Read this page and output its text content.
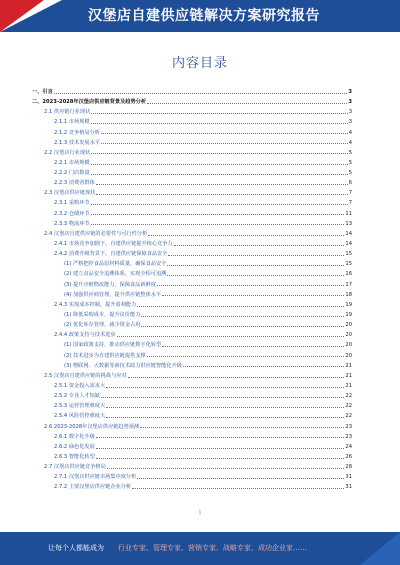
汉堡店自建供应链解决方案研究报告
内容目录
一、引言	3
二、2023-2028年汉堡店供应链背景及趋势分析	3
2.1 供应链行业现状	3
2.1.1 市场规模	3
2.1.2 竞争格局分析	4
2.1.3 技术发展水平	4
2.2 汉堡店行业现状	5
2.2.1 市场规模	5
2.2.2 门店数量	5
2.2.3 消费者群体	6
2.3 汉堡店供应链现状	7
2.3.1 采购环节	7
2.3.2 仓储环节	11
2.3.3 物流环节	13
2.4 汉堡店自建供应链的必要性与可行性分析	14
2.4.1 市场竞争加剧下，自建供应链提升核心竞争力	14
2.4.2 消费升级背景下，自建供应链保障食品安全	15
(1) 严格把控食品原材料质量，确保食品安全	15
(2) 建立食品安全追溯体系，实现全程可追溯	16
(3) 提升冷链物流能力，保障食品新鲜度	17
(4) 加强供应商管理，提升供应链整体水平	18
2.4.3 实现成本控制，提升盈利能力	19
(1) 降低采购成本，提升议价能力	19
(2) 优化库存管理，减少资金占用	20
2.4.4 政策支持与技术进步	20
(1) 国家政策支持，推动供应链数字化转型	20
(2) 技术进步为自建供应链提供支撑	20
(3) 物联网、大数据等新技术助力供应链智能化升级	21
2.5 汉堡店自建供应链的挑战与应对	21
2.5.1 资金投入需求大	21
2.5.2 专业人才短缺	22
2.5.3 运营管理难度大	22
2.5.4 风险管控难度大	22
2.6 2023-2028年汉堡店供应链趋势预测	23
2.6.1 数字化升级	23
2.6.2 绿色化发展	24
2.6.3 智能化转型	26
2.7 汉堡店供应链竞争格局	28
2.7.1 汉堡店供应链市场集中度分析	31
2.7.2 主要汉堡店供应链企业分析	31
1
让每个人都能成为 行业专家、管理专家、营销专家、战略专家、成功企业家……
